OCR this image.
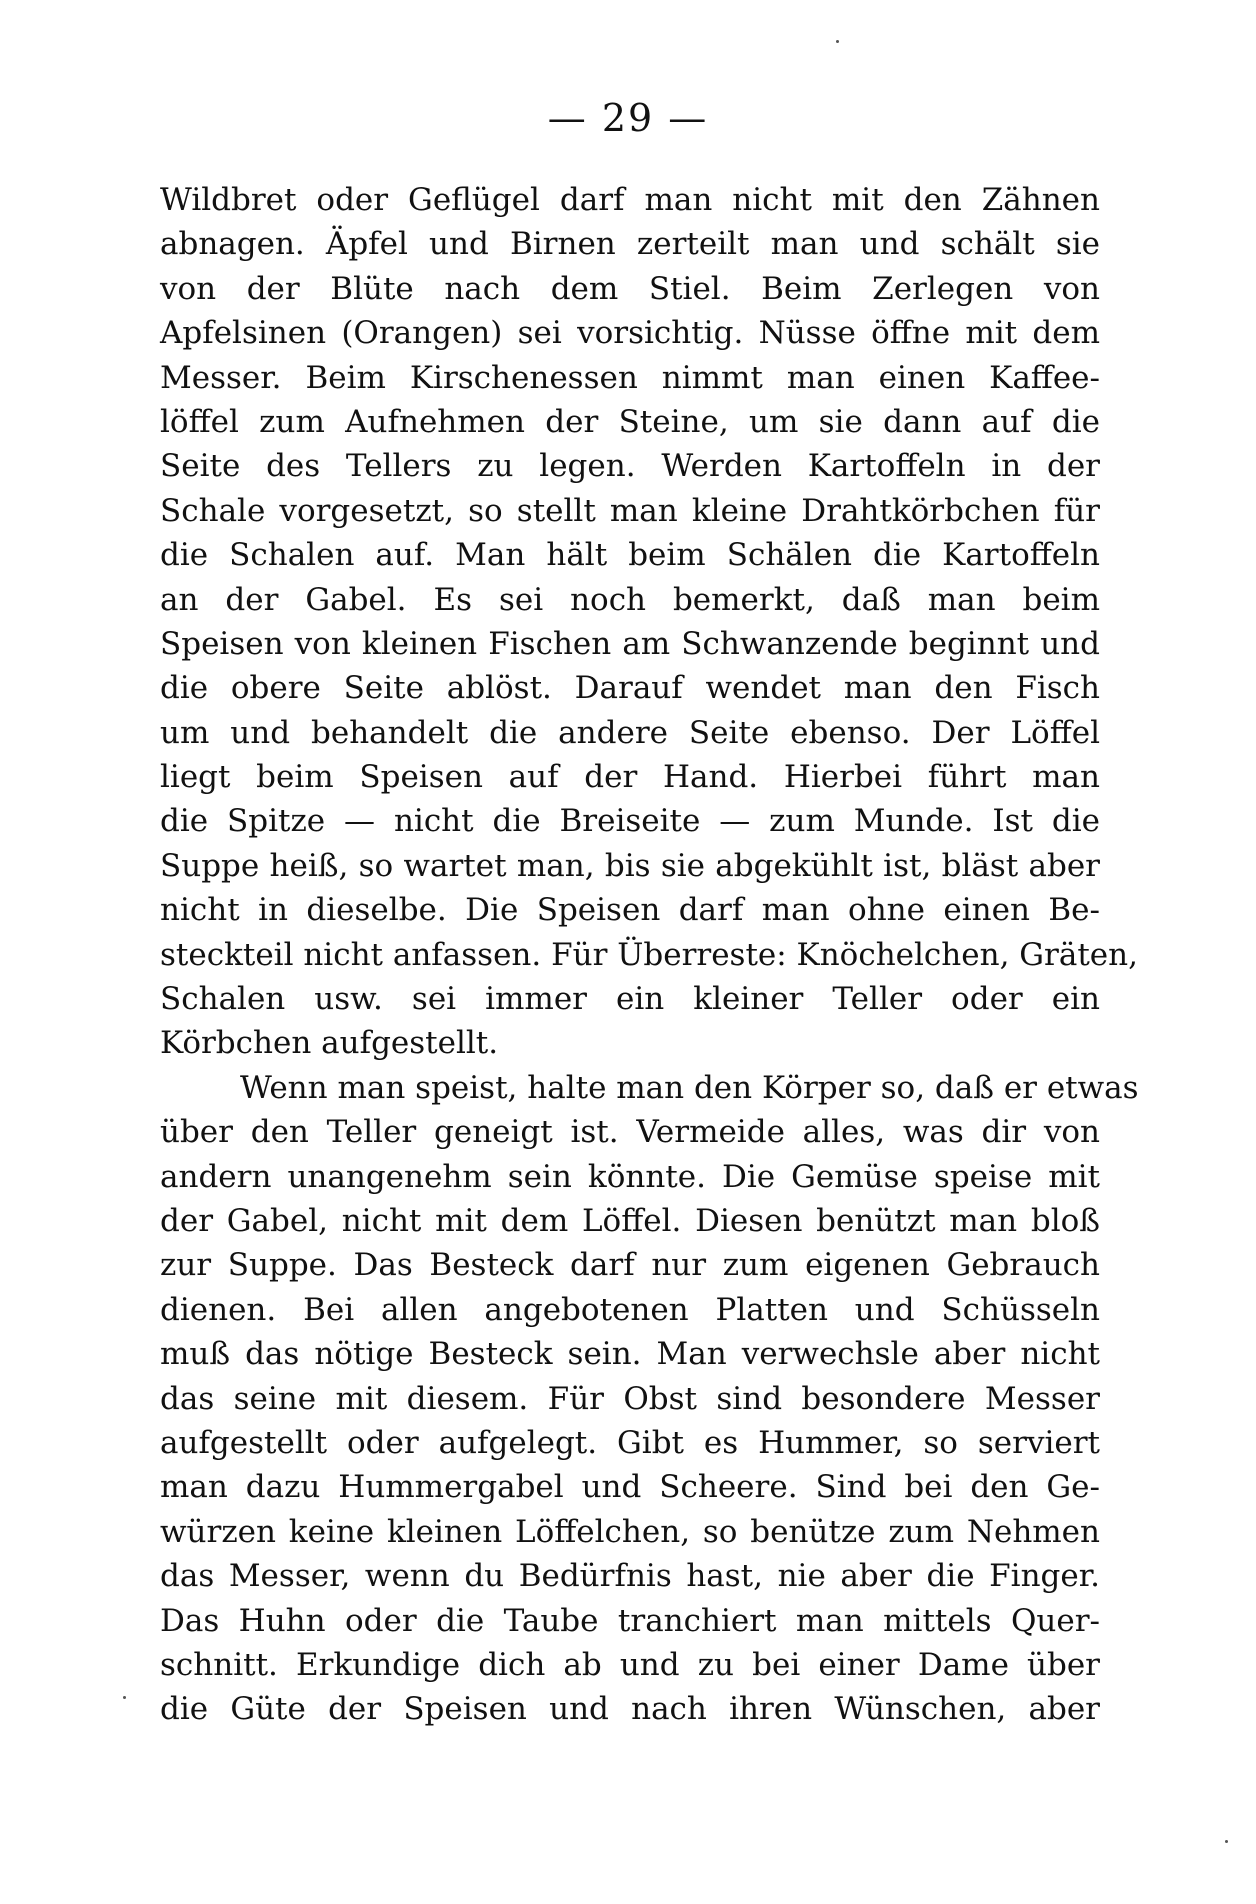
— 29 —
Wildbret oder Geflügel darf man nicht mit den Zähnen
abnagen. Äpfel und Birnen zerteilt man und schält sie
von der Blüte nach dem Stiel. Beim Zerlegen von
Apfelsinen (Orangen) sei vorsichtig. Nüsse öffne mit dem
Messer. Beim Kirschenessen nimmt man einen Kaffee-
löffel zum Aufnehmen der Steine, um sie dann auf die
Seite des Tellers zu legen. Werden Kartoffeln in der
Schale vorgesetzt, so stellt man kleine Drahtkörbchen für
die Schalen auf. Man hält beim Schälen die Kartoffeln
an der Gabel. Es sei noch bemerkt, daß man beim
Speisen von kleinen Fischen am Schwanzende beginnt und
die obere Seite ablöst. Darauf wendet man den Fisch
um und behandelt die andere Seite ebenso. Der Löffel
liegt beim Speisen auf der Hand. Hierbei führt man
die Spitze — nicht die Breiseite — zum Munde. Ist die
Suppe heiß, so wartet man, bis sie abgekühlt ist, bläst aber
nicht in dieselbe. Die Speisen darf man ohne einen Be-
steckteil nicht anfassen. Für Überreste: Knöchelchen, Gräten,
Schalen usw. sei immer ein kleiner Teller oder ein
Körbchen aufgestellt.
Wenn man speist, halte man den Körper so, daß er etwas
über den Teller geneigt ist. Vermeide alles, was dir von
andern unangenehm sein könnte. Die Gemüse speise mit
der Gabel, nicht mit dem Löffel. Diesen benützt man bloß
zur Suppe. Das Besteck darf nur zum eigenen Gebrauch
dienen. Bei allen angebotenen Platten und Schüsseln
muß das nötige Besteck sein. Man verwechsle aber nicht
das seine mit diesem. Für Obst sind besondere Messer
aufgestellt oder aufgelegt. Gibt es Hummer, so serviert
man dazu Hummergabel und Scheere. Sind bei den Ge-
würzen keine kleinen Löffelchen, so benütze zum Nehmen
das Messer, wenn du Bedürfnis hast, nie aber die Finger.
Das Huhn oder die Taube tranchiert man mittels Quer-
schnitt. Erkundige dich ab und zu bei einer Dame über
die Güte der Speisen und nach ihren Wünschen, aber
